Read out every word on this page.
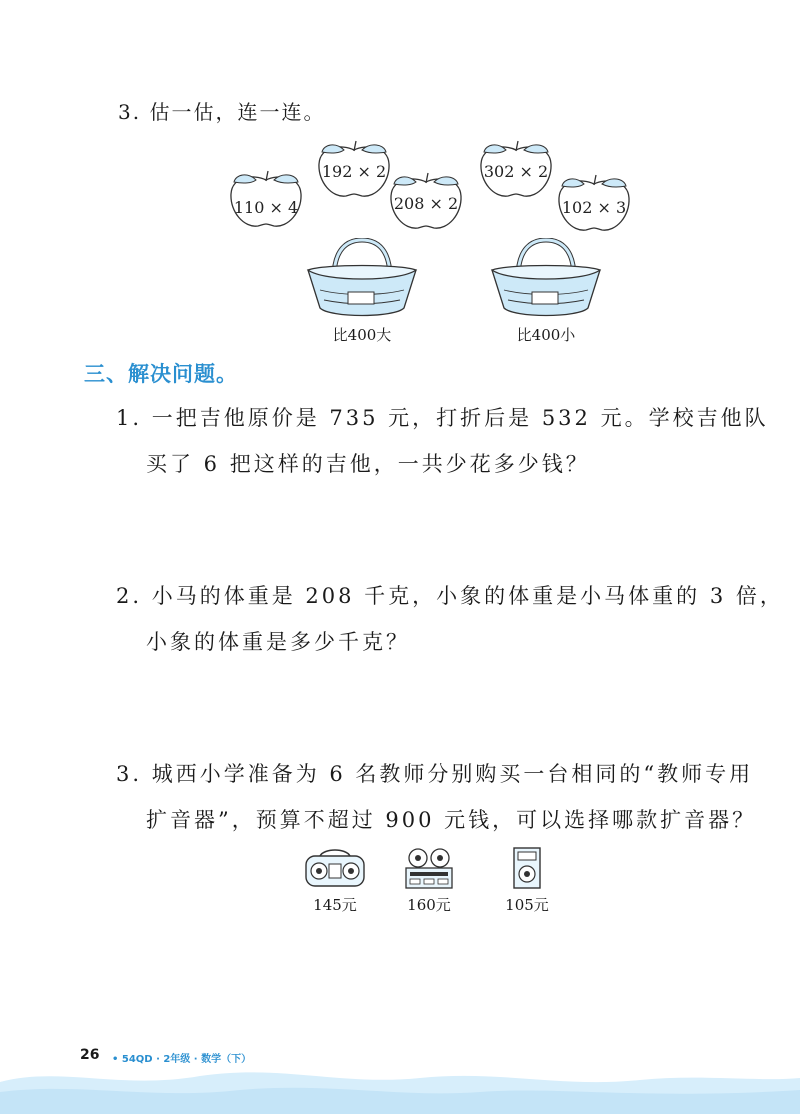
3. 估一估，连一连。
110 × 4
192 × 2
208 × 2
302 × 2
102 × 3
比400大	比400小
三、解决问题。
1. 一把吉他原价是 735 元，打折后是 532 元。学校吉他队
买了 6 把这样的吉他，一共少花多少钱？
2. 小马的体重是 208 千克，小象的体重是小马体重的 3 倍，
小象的体重是多少千克？
3. 城西小学准备为 6 名教师分别购买一台相同的“教师专用
扩音器”，预算不超过 900 元钱，可以选择哪款扩音器？
145元	160元	105元
26 • 54QD · 2年级 · 数学（下）
